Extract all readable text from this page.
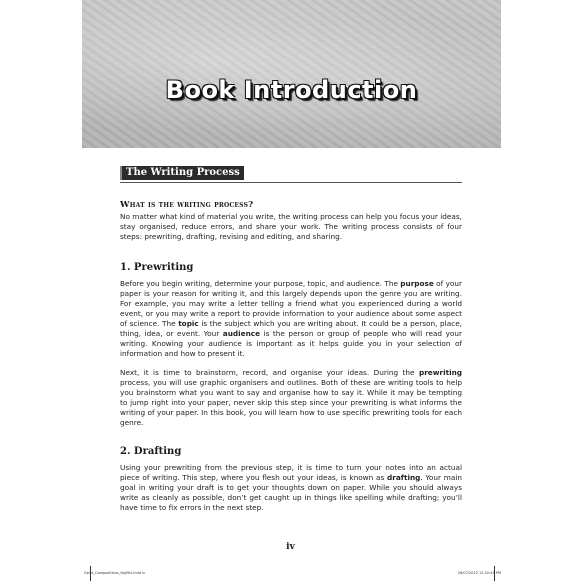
Book Introduction
The Writing Process
What is the writing process?

No matter what kind of material you write, the writing process can help you focus your ideas, stay organised, reduce errors, and share your work. The writing process consists of four steps: prewriting, drafting, revising and editing, and sharing.

1. Prewriting

Before you begin writing, determine your purpose, topic, and audience. The purpose of your paper is your reason for writing it, and this largely depends upon the genre you are writing. For example, you may write a letter telling a friend what you experienced during a world event, or you may write a report to provide information to your audience about some aspect of science. The topic is the subject which you are writing about. It could be a person, place, thing, idea, or event. Your audience is the person or group of people who will read your writing. Knowing your audience is important as it helps guide you in your selection of information and how to present it.

Next, it is time to brainstorm, record, and organise your ideas. During the prewriting process, you will use graphic organisers and outlines. Both of these are writing tools to help you brainstorm what you want to say and organise how to say it. While it may be tempting to jump right into your paper, never skip this step since your prewriting is what informs the writing of your paper. In this book, you will learn how to use specific prewriting tools for each genre.

2. Drafting

Using your prewriting from the previous step, it is time to turn your notes into an actual piece of writing. This step, where you flesh out your ideas, is known as drafting. Your main goal in writing your draft is to get your thoughts down on paper. While you should always write as cleanly as possible, don’t get caught up in things like spelling while drafting; you’ll have time to fix errors in the next step.

iv
Gen4_Compositions_6a(fills.indd iv	26/07/2012 12:32:41 PM
